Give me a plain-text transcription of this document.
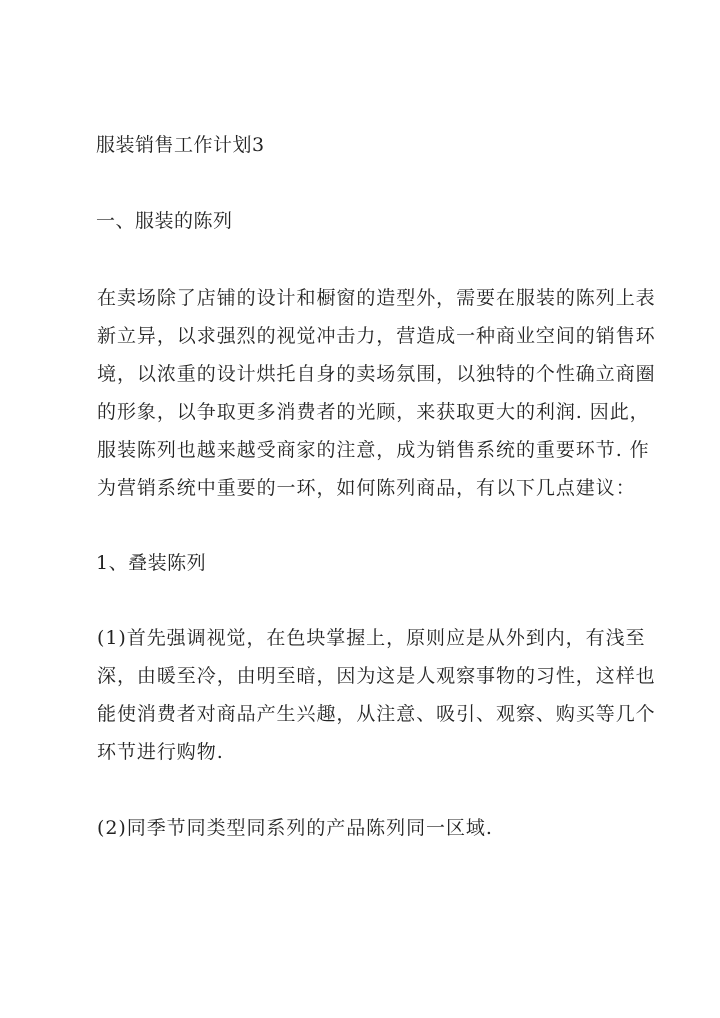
服装销售工作计划3
一、服装的陈列
在卖场除了店铺的设计和橱窗的造型外，需要在服装的陈列上表
新立异，以求强烈的视觉冲击力，营造成一种商业空间的销售环
境，以浓重的设计烘托自身的卖场氛围，以独特的个性确立商圈
的形象，以争取更多消费者的光顾，来获取更大的利润. 因此，
服装陈列也越来越受商家的注意，成为销售系统的重要环节. 作
为营销系统中重要的一环，如何陈列商品，有以下几点建议：
1、叠装陈列
(1)首先强调视觉，在色块掌握上，原则应是从外到内，有浅至
深，由暖至冷，由明至暗，因为这是人观察事物的习性，这样也
能使消费者对商品产生兴趣，从注意、吸引、观察、购买等几个
环节进行购物.
(2)同季节同类型同系列的产品陈列同一区域.
